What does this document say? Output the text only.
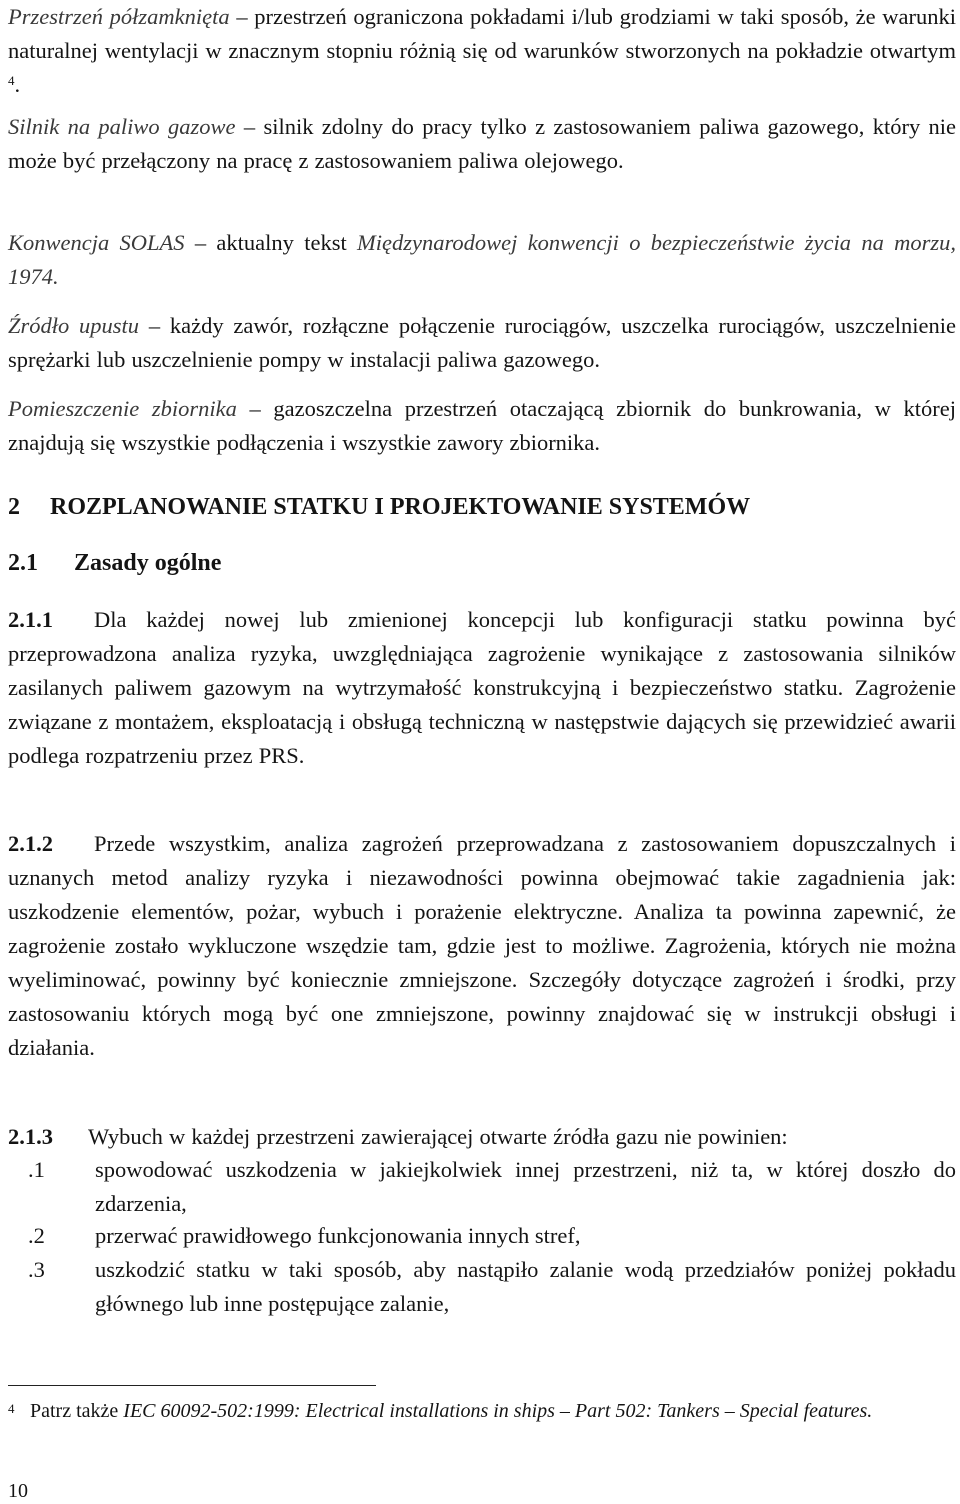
Przestrzeń półzamknięta – przestrzeń ograniczona pokładami i/lub grodziami w taki sposób, że warunki naturalnej wentylacji w znacznym stopniu różnią się od warunków stworzonych na pokładzie otwartym $^4$.
Silnik na paliwo gazowe – silnik zdolny do pracy tylko z zastosowaniem paliwa gazowego, który nie może być przełączony na pracę z zastosowaniem paliwa olejowego.
Konwencja SOLAS – aktualny tekst Międzynarodowej konwencji o bezpieczeństwie życia na morzu, 1974.
Źródło upustu – każdy zawór, rozłączne połączenie rurociągów, uszczelka rurociągów, uszczelnienie sprężarki lub uszczelnienie pompy w instalacji paliwa gazowego.
Pomieszczenie zbiornika – gazoszczelna przestrzeń otaczającą zbiornik do bunkrowania, w której znajdują się wszystkie podłączenia i wszystkie zawory zbiornika.
2 ROZPLANOWANIE STATKU I PROJEKTOWANIE SYSTEMÓW
2.1 Zasady ogólne
2.1.1 Dla każdej nowej lub zmienionej koncepcji lub konfiguracji statku powinna być przeprowadzona analiza ryzyka, uwzględniająca zagrożenie wynikające z zastosowania silników zasilanych paliwem gazowym na wytrzymałość konstrukcyjną i bezpieczeństwo statku. Zagrożenie związane z montażem, eksploatacją i obsługą techniczną w następstwie dających się przewidzieć awarii podlega rozpatrzeniu przez PRS.
2.1.2 Przede wszystkim, analiza zagrożeń przeprowadzana z zastosowaniem dopuszczalnych i uznanych metod analizy ryzyka i niezawodności powinna obejmować takie zagadnienia jak: uszkodzenie elementów, pożar, wybuch i porażenie elektryczne. Analiza ta powinna zapewnić, że zagrożenie zostało wykluczone wszędzie tam, gdzie jest to możliwe. Zagrożenia, których nie można wyeliminować, powinny być koniecznie zmniejszone. Szczegóły dotyczące zagrożeń i środki, przy zastosowaniu których mogą być one zmniejszone, powinny znajdować się w instrukcji obsługi i działania.
2.1.3 Wybuch w każdej przestrzeni zawierającej otwarte źródła gazu nie powinien:
.1 spowodować uszkodzenia w jakiejkolwiek innej przestrzeni, niż ta, w której doszło do zdarzenia,
.2 przerwać prawidłowego funkcjonowania innych stref,
.3 uszkodzić statku w taki sposób, aby nastąpiło zalanie wodą przedziałów poniżej pokładu głównego lub inne postępujące zalanie,
4 Patrz także IEC 60092-502:1999: Electrical installations in ships – Part 502: Tankers – Special features.
10
